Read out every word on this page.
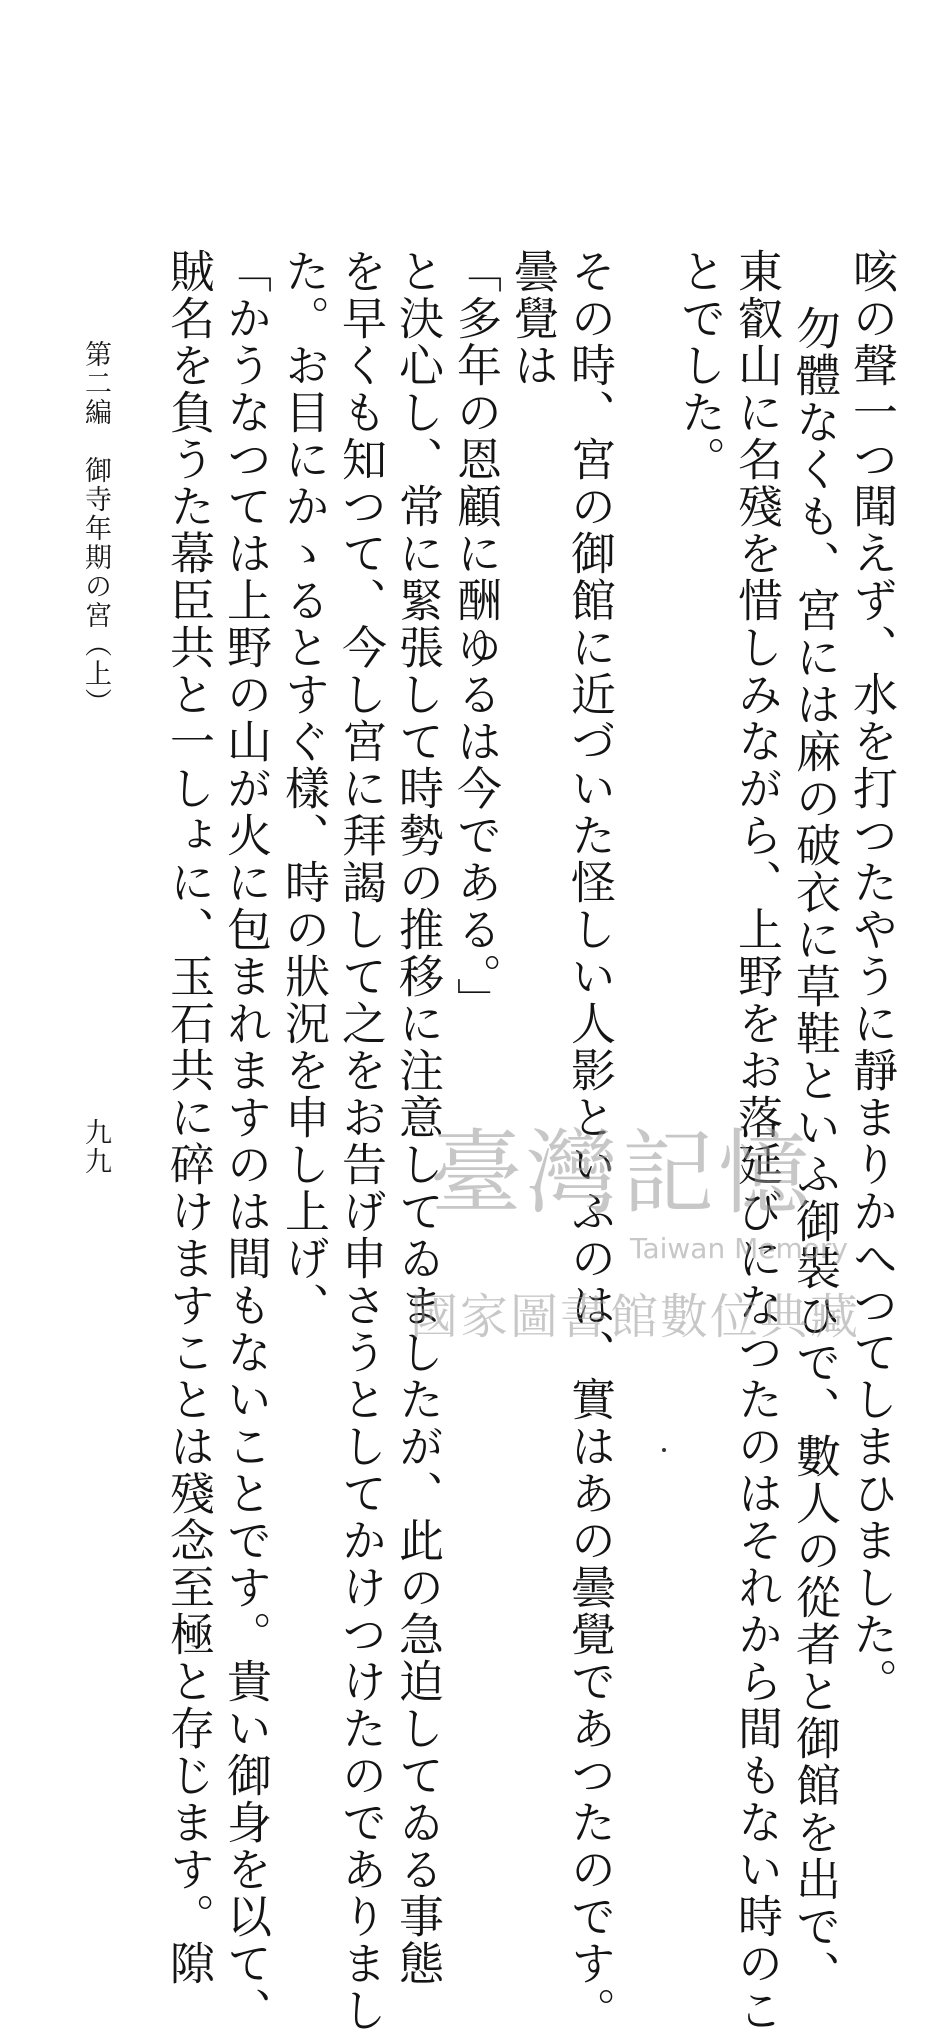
咳の聲一つ聞えず、水を打つたやうに靜まりかへつてしまひました。
勿體なくも、宮には麻の破衣に草鞋といふ御裝ひで、數人の從者と御館を出で、
東叡山に名殘を惜しみながら、上野をお落延びになつたのはそれから間もない時のこ
とでした。
その時、宮の御館に近づいた怪しい人影といふのは、實はあの曇覺であつたのです。
曇覺は
「多年の恩顧に酬ゆるは今である。」
と決心し、常に緊張して時勢の推移に注意してゐましたが、此の急迫してゐる事態
を早くも知つて、今し宮に拜謁して之をお告げ申さうとしてかけつけたのでありまし
た。お目にかゝるとすぐ樣、時の狀況を申し上げ、
「かうなつては上野の山が火に包まれますのは間もないことです。貴い御身を以て、
賊名を負うた幕臣共と一しょに、玉石共に碎けますことは殘念至極と存じます。隙
第二編　御寺年期の宮（上）
九九	臺灣記憶
Taiwan Memory
國家圖書館數位典藏
